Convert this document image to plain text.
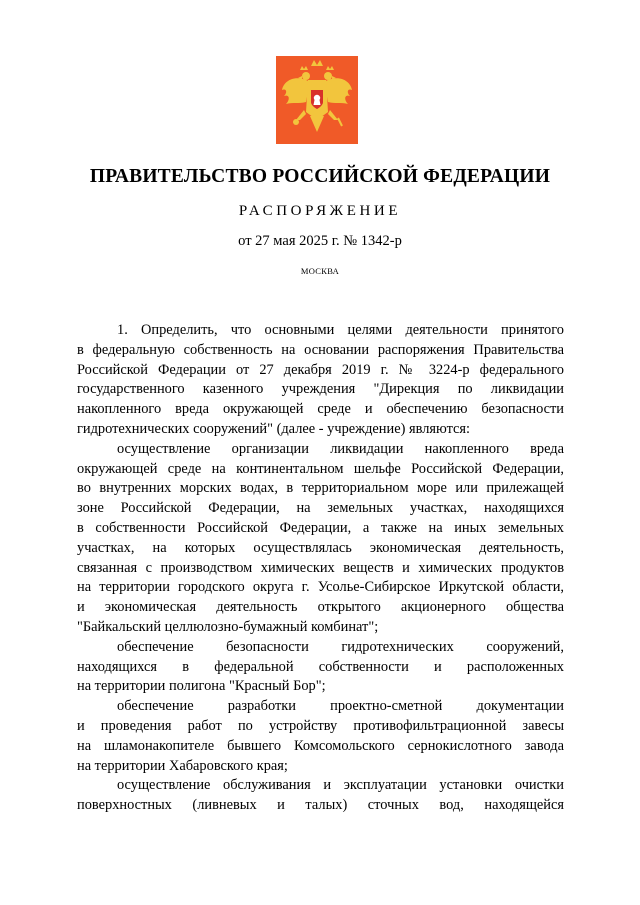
ПРАВИТЕЛЬСТВО РОССИЙСКОЙ ФЕДЕРАЦИИ
РАСПОРЯЖЕНИЕ
от 27 мая 2025 г. № 1342-р
МОСКВА
1. Определить, что основными целями деятельности принятого
в федеральную собственность на основании распоряжения Правительства
Российской Федерации от 27 декабря 2019 г. № 3224-р федерального
государственного казенного учреждения "Дирекция по ликвидации
накопленного вреда окружающей среде и обеспечению безопасности
гидротехнических сооружений" (далее - учреждение) являются:
осуществление организации ликвидации накопленного вреда
окружающей среде на континентальном шельфе Российской Федерации,
во внутренних морских водах, в территориальном море или прилежащей
зоне Российской Федерации, на земельных участках, находящихся
в собственности Российской Федерации, а также на иных земельных
участках, на которых осуществлялась экономическая деятельность,
связанная с производством химических веществ и химических продуктов
на территории городского округа г. Усолье-Сибирское Иркутской области,
и экономическая деятельность открытого акционерного общества
"Байкальский целлюлозно-бумажный комбинат";
обеспечение безопасности гидротехнических сооружений,
находящихся в федеральной собственности и расположенных
на территории полигона "Красный Бор";
обеспечение разработки проектно-сметной документации
и проведения работ по устройству противофильтрационной завесы
на шламонакопителе бывшего Комсомольского сернокислотного завода
на территории Хабаровского края;
осуществление обслуживания и эксплуатации установки очистки
поверхностных (ливневых и талых) сточных вод, находящейся
